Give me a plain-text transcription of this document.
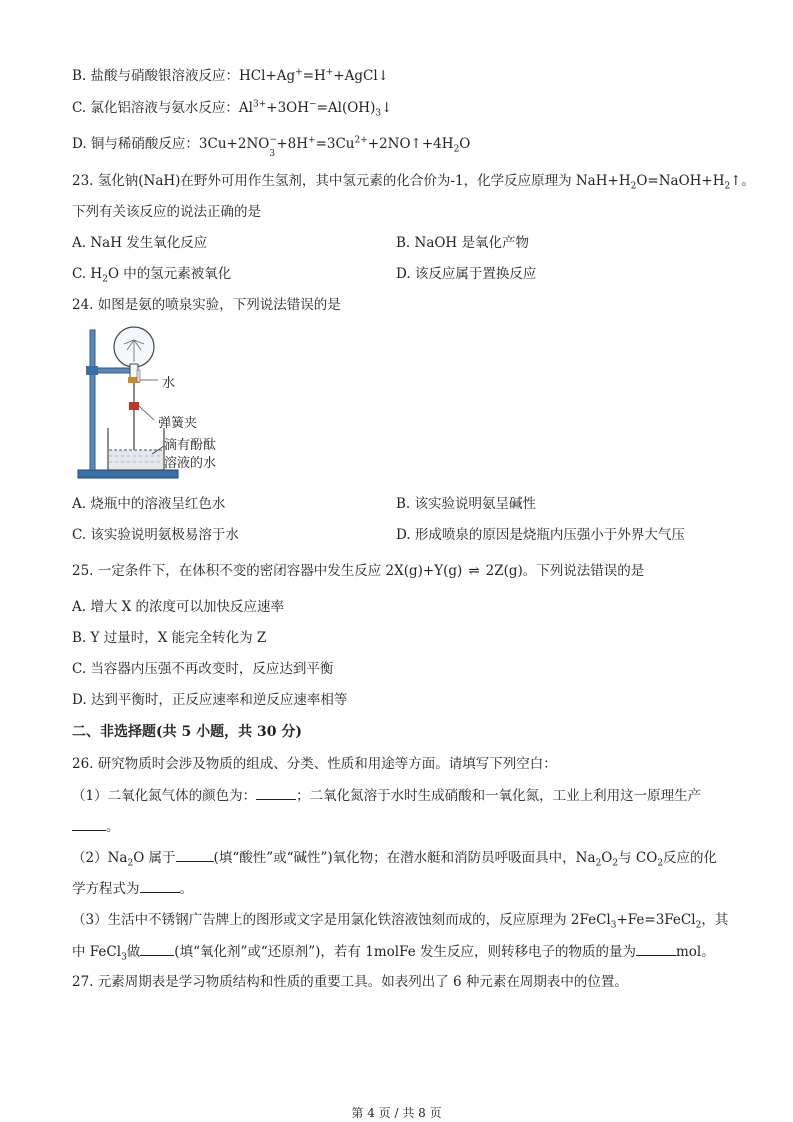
B. 盐酸与硝酸银溶液反应：HCl+Ag+=H++AgCl↓
C. 氯化铝溶液与氨水反应：$Al^{3+}+3OH^-=Al(OH)_3↓$
D. 铜与稀硝酸反应：3Cu+2NO −
3
$+8H^+=3Cu^{2+}+2NO↑+4H_2O$
23. 氢化钠(NaH)在野外可用作生氢剂，其中氢元素的化合价为-1，化学反应原理为 $NaH+H_2O=NaOH+H_2↑$。
下列有关该反应的说法正确的是
A. NaH 发生氧化反应	B. NaOH 是氧化产物
C. $H_2O$ 中的氢元素被氧化	D. 该反应属于置换反应
24. 如图是氨的喷泉实验，下列说法错误的是
水
弹簧夹
滴有酚酞
溶液的水
A. 烧瓶中的溶液呈红色水	B. 该实验说明氨呈碱性
C. 该实验说明氨极易溶于水	D. 形成喷泉的原因是烧瓶内压强小于外界大气压
25. 一定条件下，在体积不变的密闭容器中发生反应 2X(g)+Y(g) ⇌ 2Z(g)。下列说法错误的是
A. 增大 X 的浓度可以加快反应速率
B. Y 过量时，X 能完全转化为 Z
C. 当容器内压强不再改变时，反应达到平衡
D. 达到平衡时，正反应速率和逆反应速率相等
二、非选择题(共 5 小题，共 30 分)
26. 研究物质时会涉及物质的组成、分类、性质和用途等方面。请填写下列空白：
（1）二氧化氮气体的颜色为：	；二氧化氮溶于水时生成硝酸和一氧化氮，工业上利用这一原理生产
。
$(2)Na_2O$ 属于	(填“酸性”或“碱性”)氧化物；在潜水艇和消防员呼吸面具中，$Na_2O_2$与 $CO_2$反应的化
学方程式为	。
（3）生活中不锈钢广告牌上的图形或文字是用氯化铁溶液蚀刻而成的，反应原理为 2FeCl$_3$+Fe=3FeCl$_2$，其
中 FeCl$_3$做	(填“氧化剂”或“还原剂”)，若有 1molFe 发生反应，则转移电子的物质的量为	mol。
27. 元素周期表是学习物质结构和性质的重要工具。如表列出了 6 种元素在周期表中的位置。
第 4 页 / 共 8 页
